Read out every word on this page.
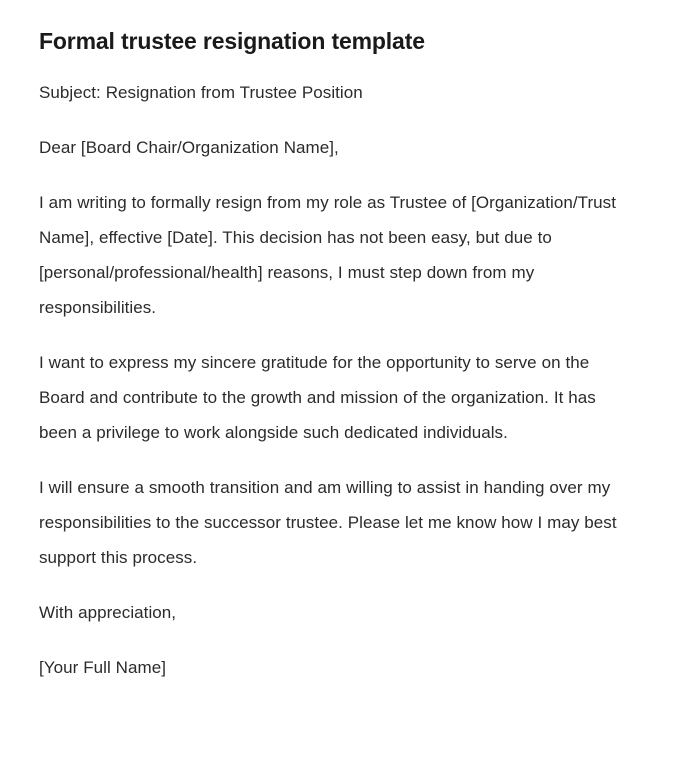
Formal trustee resignation template

Subject: Resignation from Trustee Position

Dear [Board Chair/Organization Name],

I am writing to formally resign from my role as Trustee of [Organization/Trust Name], effective [Date]. This decision has not been easy, but due to [personal/professional/health] reasons, I must step down from my responsibilities.

I want to express my sincere gratitude for the opportunity to serve on the Board and contribute to the growth and mission of the organization. It has been a privilege to work alongside such dedicated individuals.

I will ensure a smooth transition and am willing to assist in handing over my responsibilities to the successor trustee. Please let me know how I may best support this process.

With appreciation,

[Your Full Name]
